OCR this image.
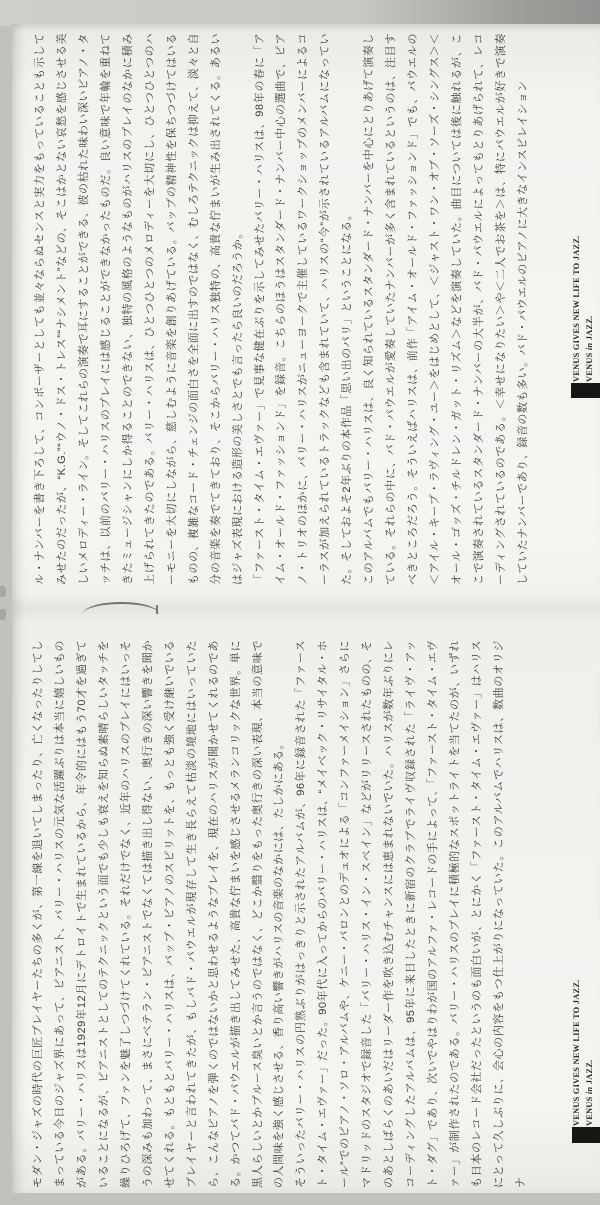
ル・ナンバーを書き下ろして、コンポーザーとしても並々ならぬセンスと実力をもっていることも示してみせたのだったが、“K.G.”“ウノ・ドス・トレス”“ナシメント”などの、そこはかとない哀愁を感じさせる美しいメロディー・ライン。そしてこれらの演奏で耳にすることができる、彼の枯れた味わい深いピアノ・タッチは、以前のバリー・ハリスのプレイには感じることができなかったものだ。良い意味で年輪を重ねてきたミュージシャンにしか得ることのできない、独特の風格のようなものがハリスのプレイのなかに積み上げられてきたのである。バリー・ハリスは、ひとつひとつのメロディーを大切にし、ひとつひとつのハーモニーを大切にしながら、慈しむように音楽を創りあげている。バップの精神性を保ちつづけてはいるものの、複雑なコード・チェンジの面白さを全面に出すのではなく、むしろテクニックは抑えて、淡々と自分の音楽を奏でてきており、そこからバリー・ハリス独特の、高貴な佇まいが生み出されてくる。あるいはジャズ表現における造形の美しさとでも言ったら良いのだろうか。 「ファースト・タイム・エヴァー」で見事な健在ぶりを示してみせたバリー・ハリスは、98年の春に「アイム・オールド・ファッションド」を録音。こちらのほうはスタンダード・ナンバー中心の選曲で、ピアノ・トリオのほかに、バリー・ハリスがニューヨークで主催しているワークショップのメンバーによるコーラスが加えられているトラックなども含まれていて、ハリスの“今”が示されているアルバムになっていた。そしておよそ2年ぶりの本作品「思い出のパリ」ということになる。 このアルバムでもバリー・ハリスは、良く知られているスタンダード・ナンバーを中心にとりあげて演奏している。それらの中に、バド・パウエルが愛奏していたナンバーが多く含まれているというのは、注目すべきところだろう。そういえばハリスは、前作「アイム・オールド・ファッションド」でも、パウエルの＜アイル・キープ・ラヴィング・ユー＞をはじめとして、＜ジャスト・ワン・オブ・ソーズ・シングス＞＜オール・ゴッズ・チルドレン・ガット・リズム＞などを演奏していた。曲目については後に触れるが、ここで演奏されているスタンダード・ナンバーの大半が、バド・パウエルによってもとりあげられて、レコーディングされているのである。＜幸せになりたい＞や＜二人でお茶を＞は、特にパウエルが好きで演奏していたナンバーであり、録音の数も多い。バド・パウエルのピアノに大きなインスピレイション	VENUS GIVES NEW LIFE TO JAZZ. VENUS in JAZZ.

モダン・ジャズの時代の巨匠プレイヤーたちの多くが、第一線を退いてしまったり、亡くなったりしてしまっている今日のジャズ界にあって、ピアニスト、バリー・ハリスの元気な活躍ぶりは本当に嬉しいものがある。バリー・ハリスは1929年12月にデトロイトで生まれているから、年令的にはもう70才を過ぎていることになるが、ピアニストとしてのテクニックという面でも少しも衰えを知らぬ素晴らしいタッチを繰りひろげて、ファンを魅了しつづけてくれている。それだけでなく、近年のハリスのプレイにはいっそうの深みも加わって、まさにベテラン・ピアニストでなくては描き出し得ない、奥行きの深い響きを聞かせてくれる。もともとバリー・ハリスは、バップ・ピアノのスピリットを、もっとも強く受け継いでいるプレイヤーと言われてきたが、もしバド・パウエルが現存して生き長らえて枯淡の境地にはいっていたら、こんなピアノを弾くのではないかと思わせるようなプレイを、現在のハリスが聞かせてくれるのである。かつてバド・パウエルが描き出してみせた、高貴な佇まいを感じさせるメランコリックな世界。単に黒人らしいとかブルース臭いとか言うのではなく、どこか翳りをもった奥行きの深い表現、本当の意味での人間味を強く感じさせる、香り高い響きがハリスの音楽のなかには、たしかにある。 そういったバリー・ハリスの円熟ぶりがはっきりと示されたアルバムが、96年に録音された「ファースト・タイム・エヴァー」だった。90年代に入ってからのバリー・ハリスは、“メイベック・リサイタル・ホール”でのピアノ・ソロ・アルバムや、ケニー・バロンとのデュオによる「コンファーメイション」さらにマドリッドのスタジオで録音した「バリー・ハリス・イン・スペイン」などがリリースされたものの、そのあとしばらくのあいだはリーダー作を吹き込むチャンスには恵まれないでいた。ハリスが数年ぶりにレコーディングしたアルバムは、95年に来日したときに新宿のクラブでライヴ収録された「ライヴ・アット・ダグ」であり、次いでやはりわが国のアルファ・レコードの手によって、「ファースト・タイム・エヴァー」が制作されたのである。バリー・ハリスのプレイに積極的なスポットライトを当てたのが、いずれも日本のレコード会社だったというのも面白いが、とにかく「ファースト・タイム・エヴァー」はハリスにとって久しぶりに、会心の内容をもつ仕上がりになっていた。このアルバムでハリスは、数曲のオリジナ

VENUS GIVES NEW LIFE TO JAZZ. VENUS in JAZZ.
